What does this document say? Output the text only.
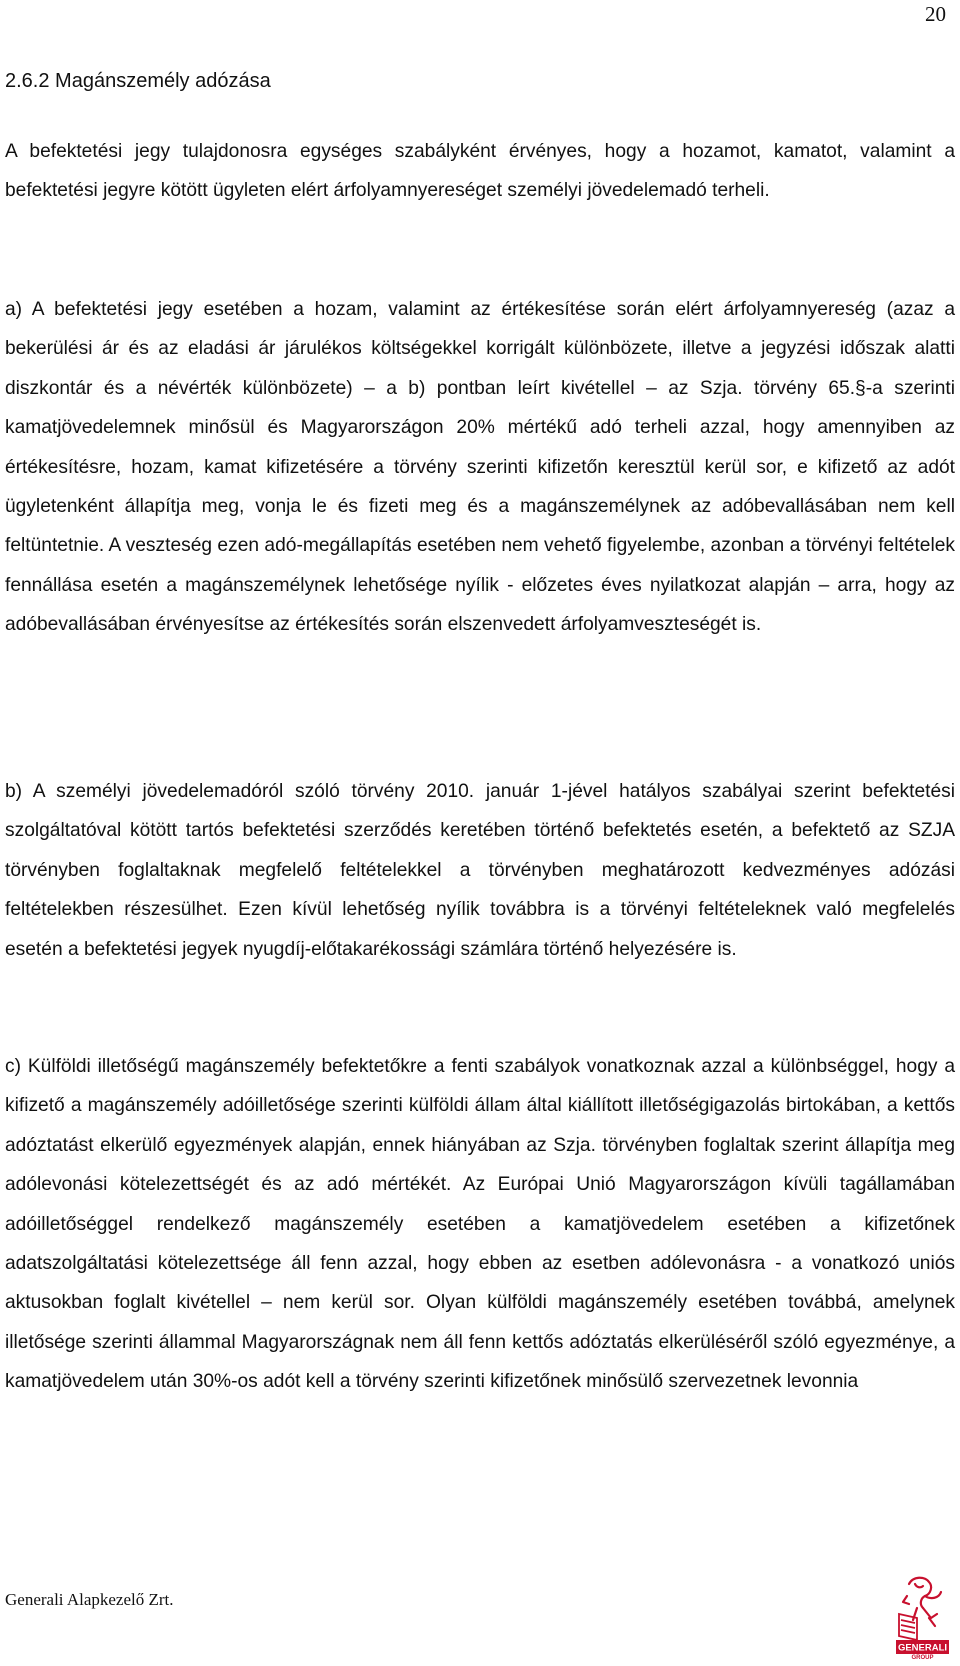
20
2.6.2 Magánszemély adózása

A befektetési jegy tulajdonosra egységes szabályként érvényes, hogy a hozamot, kamatot, valamint a befektetési jegyre kötött ügyleten elért árfolyamnyereséget személyi jövedelemadó terheli.

a) A befektetési jegy esetében a hozam, valamint az értékesítése során elért árfolyamnyereség (azaz a bekerülési ár és az eladási ár járulékos költségekkel korrigált különbözete, illetve a jegyzési időszak alatti diszkontár és a névérték különbözete) – a b) pontban leírt kivétellel – az Szja. törvény 65.§-a szerinti kamatjövedelemnek minősül és Magyarországon 20% mértékű adó terheli azzal, hogy amennyiben az értékesítésre, hozam, kamat kifizetésére a törvény szerinti kifizetőn keresztül kerül sor, e kifizető az adót ügyletenként állapítja meg, vonja le és fizeti meg és a magánszemélynek az adóbevallásában nem kell feltüntetnie. A veszteség ezen adó-megállapítás esetében nem vehető figyelembe, azonban a törvényi feltételek fennállása esetén a magánszemélynek lehetősége nyílik - előzetes éves nyilatkozat alapján – arra, hogy az adóbevallásában érvényesítse az értékesítés során elszenvedett árfolyamveszteségét is.

b) A személyi jövedelemadóról szóló törvény 2010. január 1-jével hatályos szabályai szerint befektetési szolgáltatóval kötött tartós befektetési szerződés keretében történő befektetés esetén, a befektető az SZJA törvényben foglaltaknak megfelelő feltételekkel a törvényben meghatározott kedvezményes adózási feltételekben részesülhet. Ezen kívül lehetőség nyílik továbbra is a törvényi feltételeknek való megfelelés esetén a befektetési jegyek nyugdíj-előtakarékossági számlára történő helyezésére is.

c) Külföldi illetőségű magánszemély befektetőkre a fenti szabályok vonatkoznak azzal a különbséggel, hogy a kifizető a magánszemély adóilletősége szerinti külföldi állam által kiállított illetőségigazolás birtokában, a kettős adóztatást elkerülő egyezmények alapján, ennek hiányában az Szja. törvényben foglaltak szerint állapítja meg adólevonási kötelezettségét és az adó mértékét. Az Európai Unió Magyarországon kívüli tagállamában adóilletőséggel rendelkező magánszemély esetében a kamatjövedelem esetében a kifizetőnek adatszolgáltatási kötelezettsége áll fenn azzal, hogy ebben az esetben adólevonásra - a vonatkozó uniós aktusokban foglalt kivétellel – nem kerül sor. Olyan külföldi magánszemély esetében továbbá, amelynek illetősége szerinti állammal Magyarországnak nem áll fenn kettős adóztatás elkerüléséről szóló egyezménye, a kamatjövedelem után 30%-os adót kell a törvény szerinti kifizetőnek minősülő szervezetnek levonnia

Generali Alapkezelő Zrt.
GENERALI
GROUP
